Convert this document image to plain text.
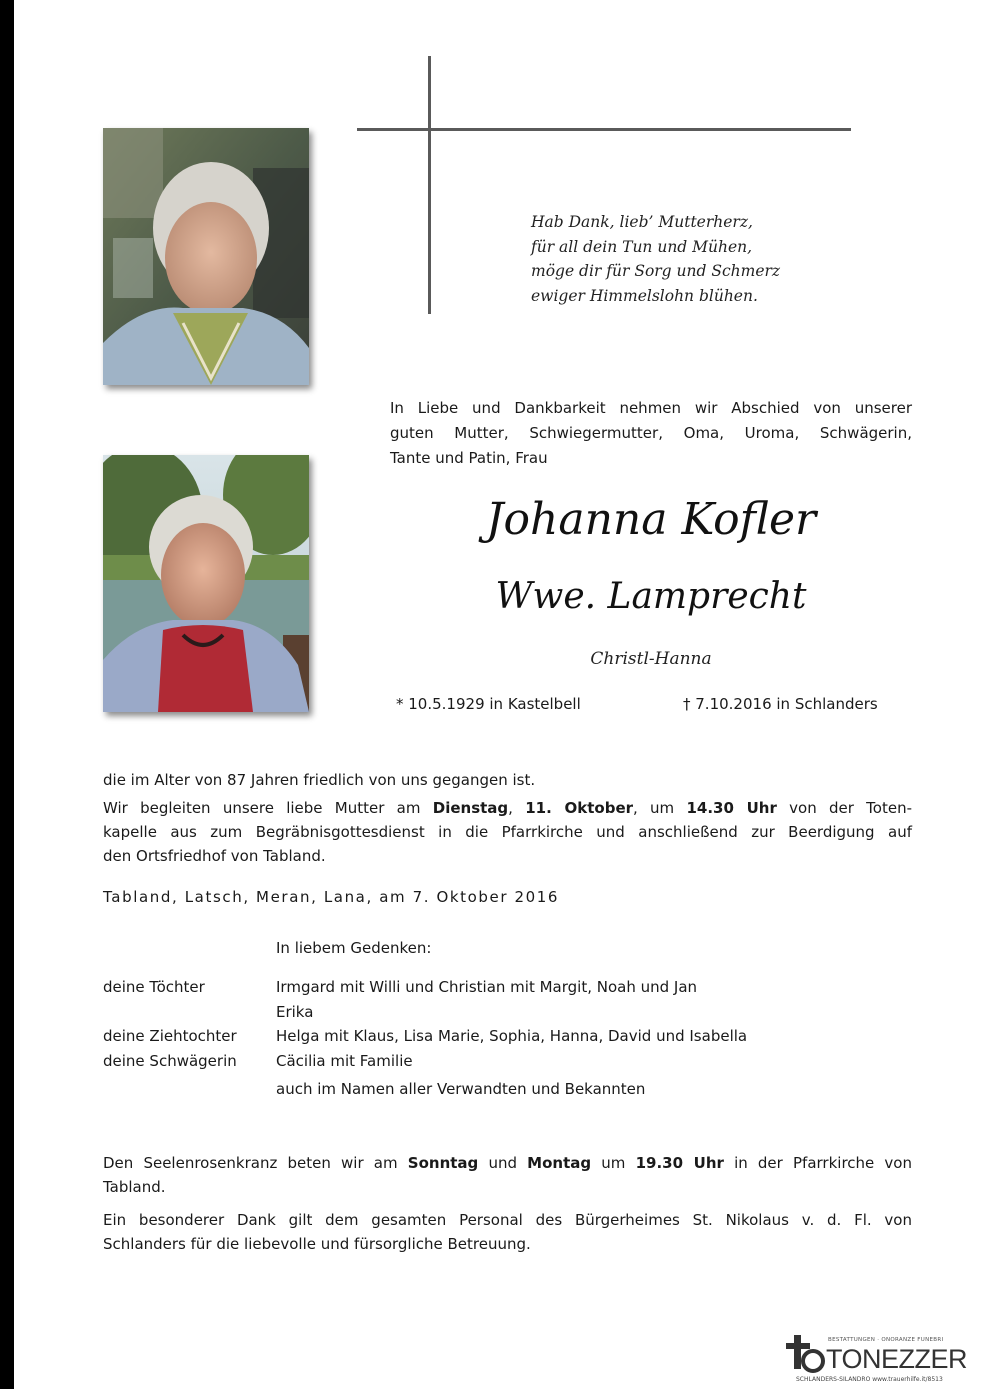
Hab Dank, lieb’ Mutterherz,
für all dein Tun und Mühen,
möge dir für Sorg und Schmerz
ewiger Himmelslohn blühen.
In Liebe und Dankbarkeit nehmen wir Abschied von unserer
guten Mutter, Schwiegermutter, Oma, Uroma, Schwägerin,
Tante und Patin, Frau
Johanna Kofler
Wwe. Lamprecht
Christl-Hanna
* 10.5.1929 in Kastelbell	† 7.10.2016 in Schlanders
die im Alter von 87 Jahren friedlich von uns gegangen ist.
Wir begleiten unsere liebe Mutter am Dienstag, 11. Oktober, um 14.30 Uhr von der Toten-
kapelle aus zum Begräbnisgottesdienst in die Pfarrkirche und anschließend zur Beerdigung auf
den Ortsfriedhof von Tabland.
Tabland, Latsch, Meran, Lana, am 7. Oktober 2016
In liebem Gedenken:
deine Töchter	Irmgard mit Willi und Christian mit Margit, Noah und Jan
Erika
deine Ziehtochter	Helga mit Klaus, Lisa Marie, Sophia, Hanna, David und Isabella
deine Schwägerin	Cäcilia mit Familie
auch im Namen aller Verwandten und Bekannten
Den Seelenrosenkranz beten wir am Sonntag und Montag um 19.30 Uhr in der Pfarrkirche von
Tabland.
Ein besonderer Dank gilt dem gesamten Personal des Bürgerheimes St. Nikolaus v. d. Fl. von
Schlanders für die liebevolle und fürsorgliche Betreuung.
BESTATTUNGEN · ONORANZE FUNEBRI
TONEZZER
SCHLANDERS-SILANDRO www.trauerhilfe.it/8513
